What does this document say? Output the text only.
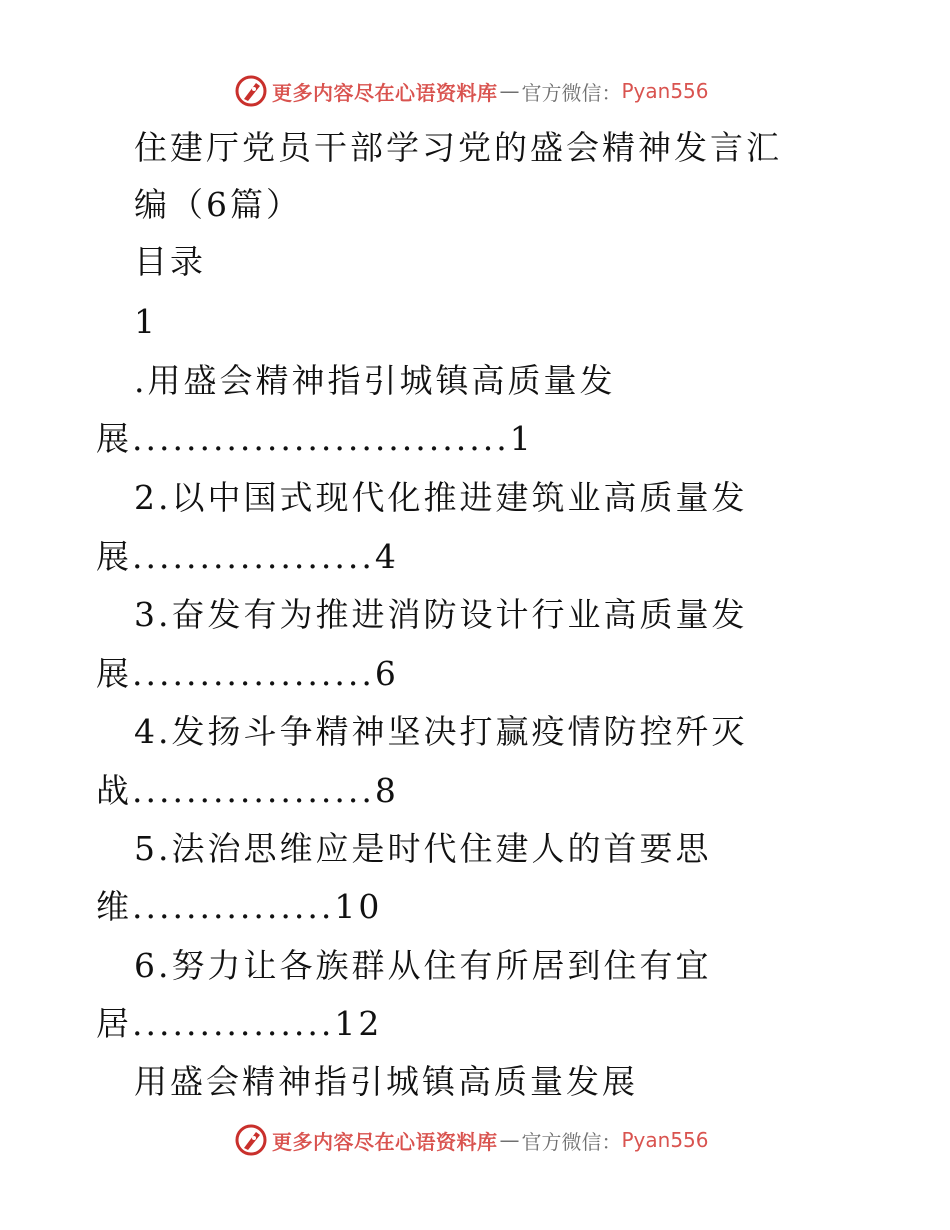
更多内容尽在心语资料库 — 官方微信： Pyan556
住建厅党员干部学习党的盛会精神发言汇
编（6篇）
目录
1
.用盛会精神指引城镇高质量发
展............................1
2.以中国式现代化推进建筑业高质量发
展..................4
3.奋发有为推进消防设计行业高质量发
展..................6
4.发扬斗争精神坚决打赢疫情防控歼灭
战..................8
5.法治思维应是时代住建人的首要思
维...............10
6.努力让各族群从住有所居到住有宜
居...............12
用盛会精神指引城镇高质量发展
更多内容尽在心语资料库 — 官方微信： Pyan556
